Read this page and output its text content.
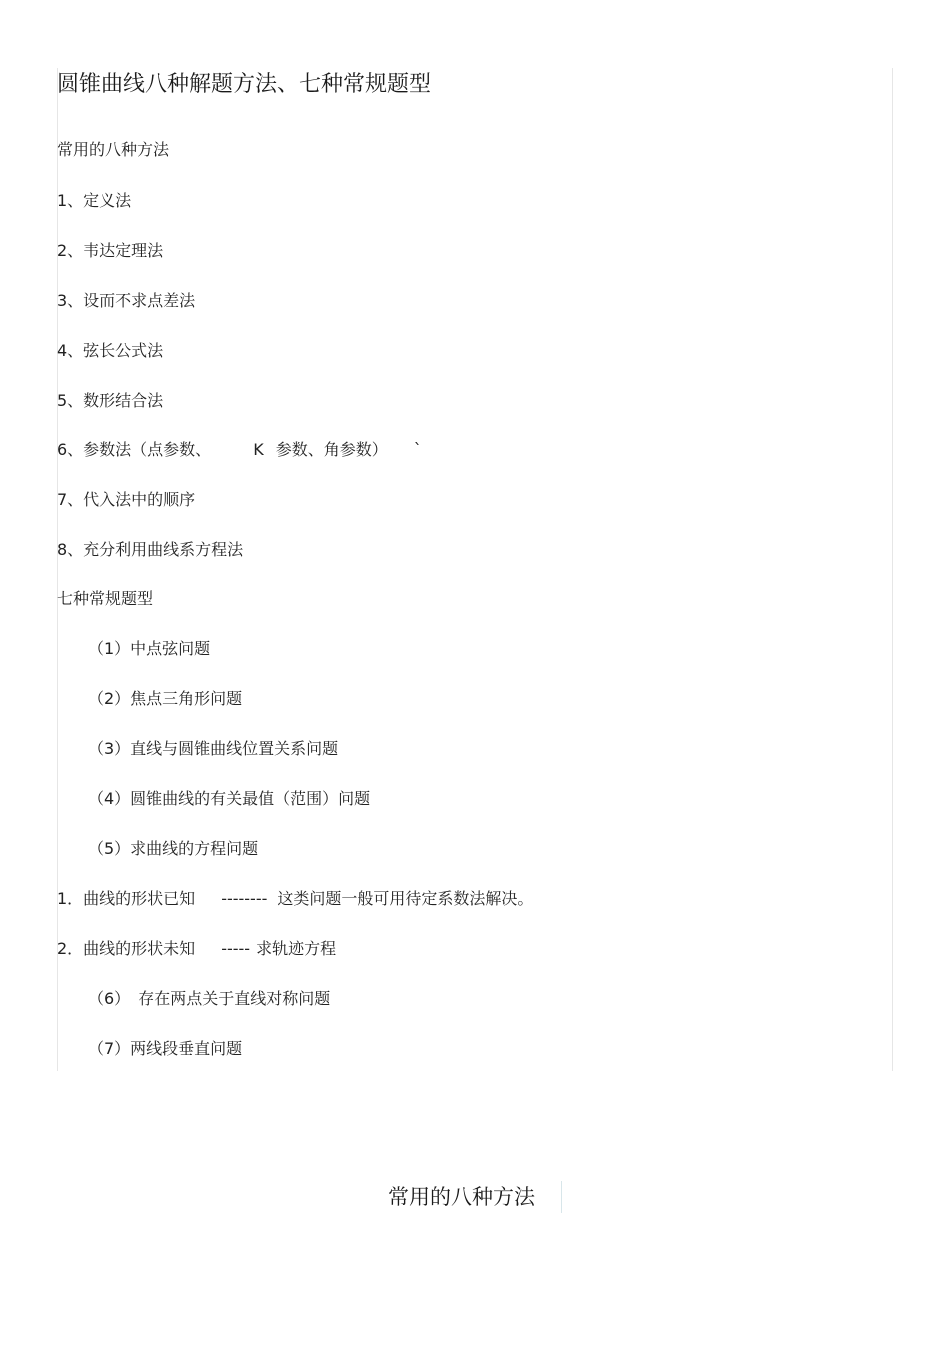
圆锥曲线八种解题方法、七种常规题型
常用的八种方法
1、定义法
2、韦达定理法
3、设而不求点差法
4、弦长公式法
5、数形结合法
6、参数法（点参数、	K 参数、角参数） `
7、代入法中的顺序
8、充分利用曲线系方程法
七种常规题型
（1）中点弦问题
（2）焦点三角形问题
（3）直线与圆锥曲线位置关系问题
（4）圆锥曲线的有关最值（范围）问题
（5）求曲线的方程问题
1．曲线的形状已知 -------- 这类问题一般可用待定系数法解决。
2．曲线的形状未知 ----- 求轨迹方程
（6） 存在两点关于直线对称问题
（7）两线段垂直问题
常用的八种方法
